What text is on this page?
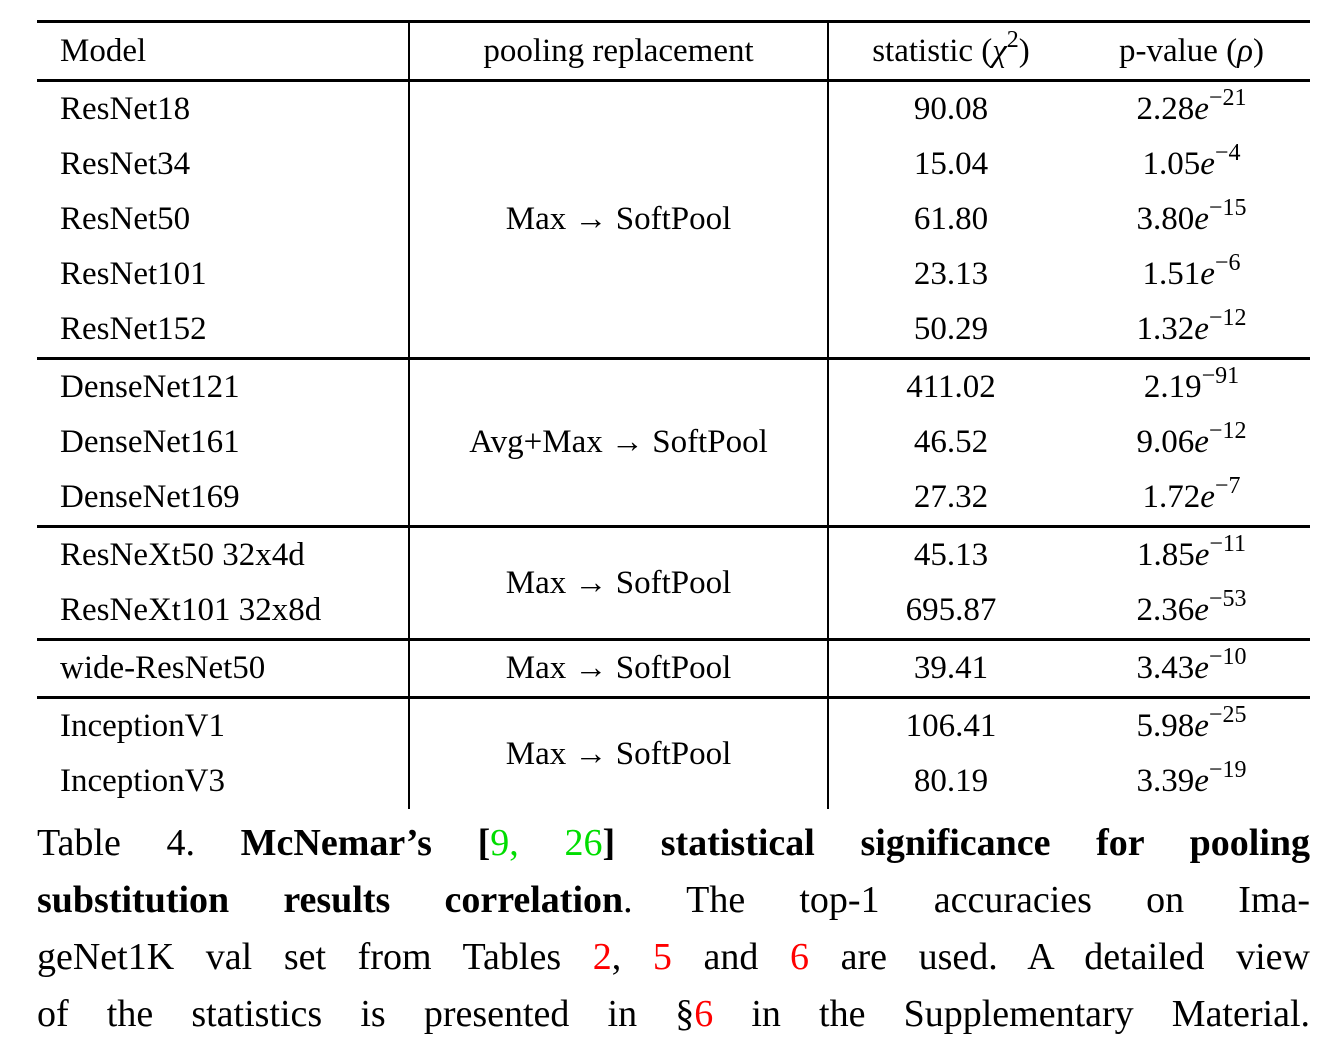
Model	pooling replacement	statistic $(\chi^2)$	p-value (ρ)
ResNet18	Max → SoftPool	90.08	$2.28e^{-21}$
ResNet34		15.04	$1.05e^{-4}$
ResNet50		61.80	$3.80e^{-15}$
ResNet101		23.13	$1.51e^{-6}$
ResNet152		50.29	$1.32e^{-12}$
DenseNet121	Avg+Max → SoftPool	411.02	$2.19^{-91}$
DenseNet161		46.52	$9.06e^{-12}$
DenseNet169		27.32	$1.72e^{-7}$
ResNeXt50 32x4d	Max → SoftPool	45.13	$1.85e^{-11}$
ResNeXt101 32x8d		695.87	$2.36e^{-53}$
wide-ResNet50	Max → SoftPool	39.41	$3.43e^{-10}$
InceptionV1	Max → SoftPool	106.41	$5.98e^{-25}$
InceptionV3		80.19	$3.39e^{-19}$
Table 4. McNemar’s [9, 26] statistical significance for pooling
substitution results correlation. The top-1 accuracies on Ima-
geNet1K val set from Tables 2, 5 and 6 are used. A detailed view
of the statistics is presented in §6 in the Supplementary Material.
